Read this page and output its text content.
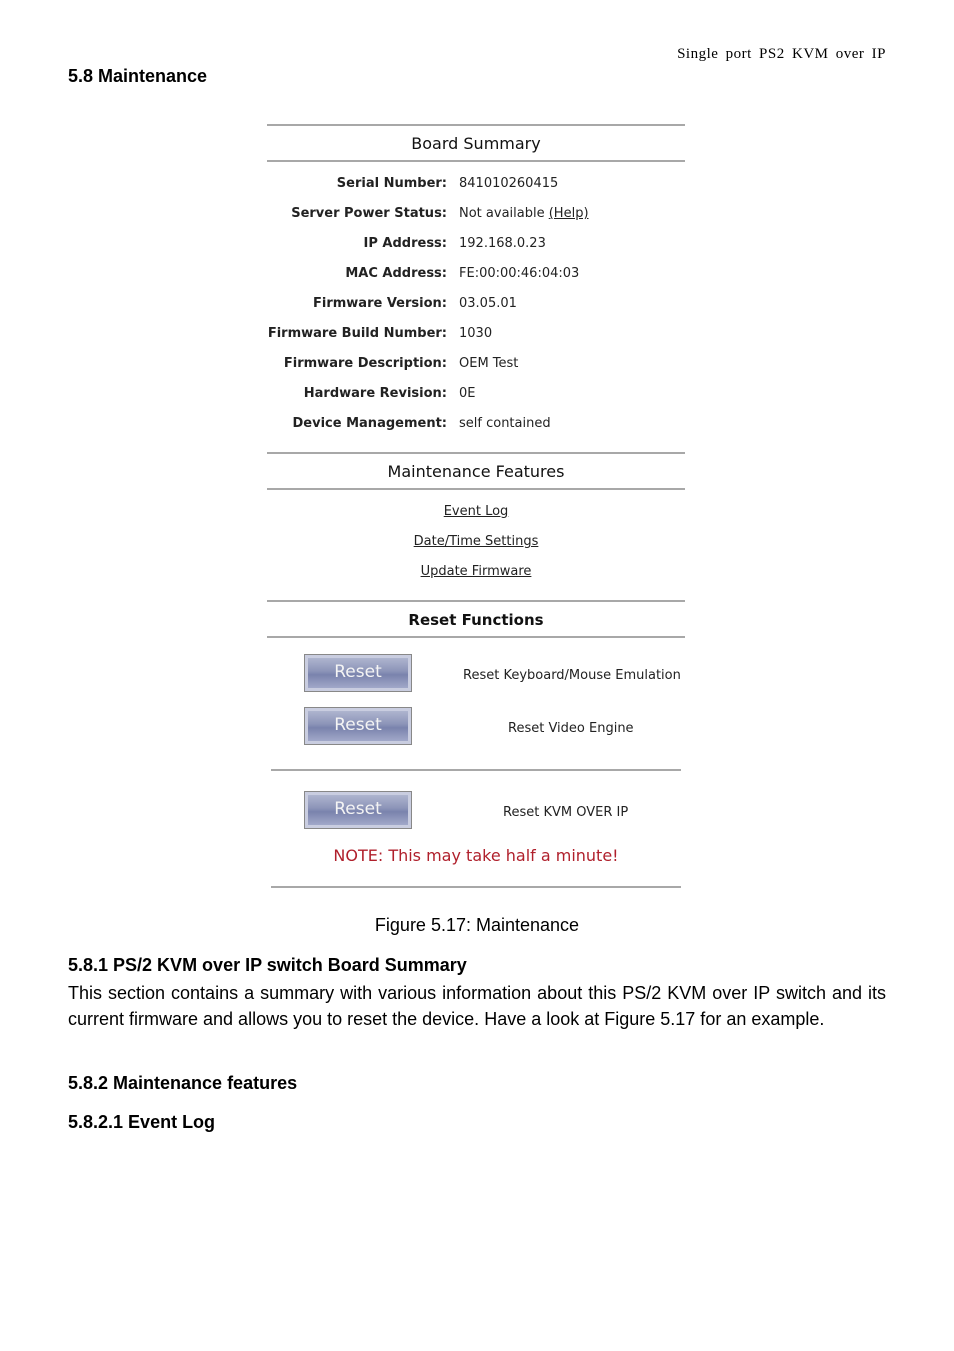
Single port PS2 KVM over IP
5.8 Maintenance
Board Summary
Serial Number: 841010260415
Server Power Status: Not available (Help)
IP Address: 192.168.0.23
MAC Address: FE:00:00:46:04:03
Firmware Version: 03.05.01
Firmware Build Number: 1030
Firmware Description: OEM Test
Hardware Revision: 0E
Device Management: self contained
Maintenance Features
Event Log
Date/Time Settings
Update Firmware
Reset Functions
Reset	Reset Keyboard/Mouse Emulation
Reset	Reset Video Engine
Reset	Reset KVM OVER IP
NOTE: This may take half a minute!
Figure 5.17: Maintenance
5.8.1 PS/2 KVM over IP switch Board Summary
This section contains a summary with various information about this PS/2 KVM over IP switch and its current firmware and allows you to reset the device. Have a look at Figure 5.17 for an example.
5.8.2 Maintenance features
5.8.2.1 Event Log
